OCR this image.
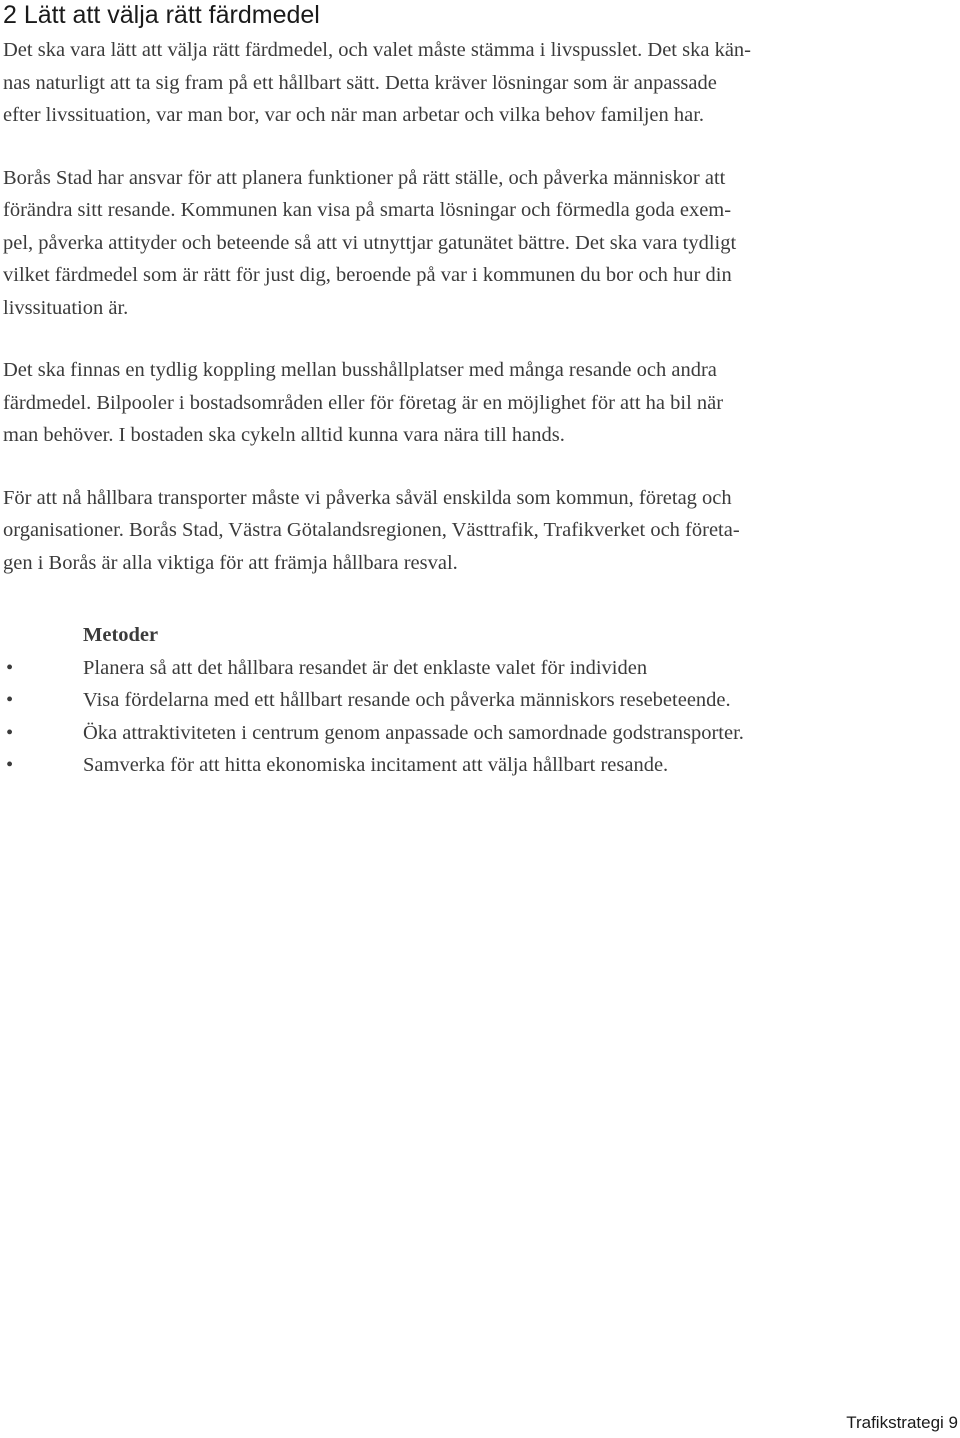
2 Lätt att välja rätt färdmedel
Det ska vara lätt att välja rätt färdmedel, och valet måste stämma i livspusslet. Det ska kän-
nas naturligt att ta sig fram på ett hållbart sätt. Detta kräver lösningar som är anpassade
efter livssituation, var man bor, var och när man arbetar och vilka behov familjen har.
Borås Stad har ansvar för att planera funktioner på rätt ställe, och påverka människor att
förändra sitt resande. Kommunen kan visa på smarta lösningar och förmedla goda exem-
pel, påverka attityder och beteende så att vi utnyttjar gatunätet bättre. Det ska vara tydligt
vilket färdmedel som är rätt för just dig, beroende på var i kommunen du bor och hur din
livssituation är.
Det ska finnas en tydlig koppling mellan busshållplatser med många resande och andra
färdmedel. Bilpooler i bostadsområden eller för företag är en möjlighet för att ha bil när
man behöver. I bostaden ska cykeln alltid kunna vara nära till hands.
För att nå hållbara transporter måste vi påverka såväl enskilda som kommun, företag och
organisationer. Borås Stad, Västra Götalandsregionen, Västtrafik, Trafikverket och företa-
gen i Borås är alla viktiga för att främja hållbara resval.
Metoder
•	Planera så att det hållbara resandet är det enklaste valet för individen
•	Visa fördelarna med ett hållbart resande och påverka människors resebeteende.
•	Öka attraktiviteten i centrum genom anpassade och samordnade godstransporter.
•	Samverka för att hitta ekonomiska incitament att välja hållbart resande.
Trafikstrategi 9
